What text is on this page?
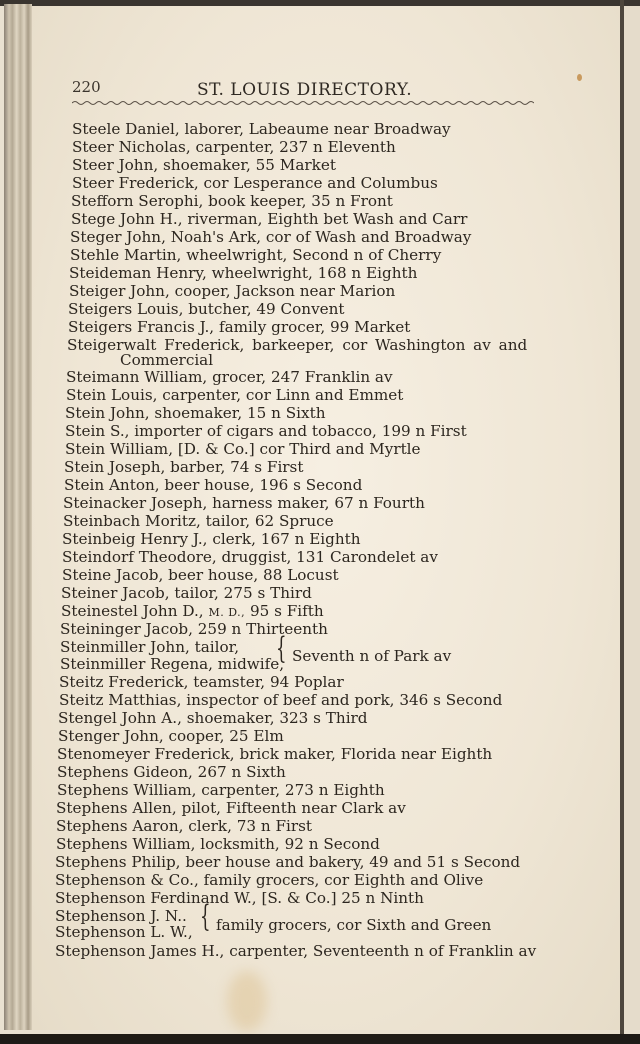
220	ST. LOUIS DIRECTORY.
Steele Daniel, laborer, Labeaume near Broadway
Steer Nicholas, carpenter, 237 n Eleventh
Steer John, shoemaker, 55 Market
Steer Frederick, cor Lesperance and Columbus
Stefforn Serophi, book keeper, 35 n Front
Stege John H., riverman, Eighth bet Wash and Carr
Steger John, Noah's Ark, cor of Wash and Broadway
Stehle Martin, wheelwright, Second n of Cherry
Steideman Henry, wheelwright, 168 n Eighth
Steiger John, cooper, Jackson near Marion
Steigers Louis, butcher, 49 Convent
Steigers Francis J., family grocer, 99 Market
Steigerwalt Frederick, barkeeper, cor Washington av and
Commercial
Steimann William, grocer, 247 Franklin av
Stein Louis, carpenter, cor Linn and Emmet
Stein John, shoemaker, 15 n Sixth
Stein S., importer of cigars and tobacco, 199 n First
Stein William, [D. & Co.] cor Third and Myrtle
Stein Joseph, barber, 74 s First
Stein Anton, beer house, 196 s Second
Steinacker Joseph, harness maker, 67 n Fourth
Steinbach Moritz, tailor, 62 Spruce
Steinbeig Henry J., clerk, 167 n Eighth
Steindorf Theodore, druggist, 131 Carondelet av
Steine Jacob, beer house, 88 Locust
Steiner Jacob, tailor, 275 s Third
Steinestel John D., M. D., 95 s Fifth
Steininger Jacob, 259 n Thirteenth
Steinmiller John, tailor,
Steinmiller Regena, midwife,
{ Seventh n of Park av
Steitz Frederick, teamster, 94 Poplar
Steitz Matthias, inspector of beef and pork, 346 s Second
Stengel John A., shoemaker, 323 s Third
Stenger John, cooper, 25 Elm
Stenomeyer Frederick, brick maker, Florida near Eighth
Stephens Gideon, 267 n Sixth
Stephens William, carpenter, 273 n Eighth
Stephens Allen, pilot, Fifteenth near Clark av
Stephens Aaron, clerk, 73 n First
Stephens William, locksmith, 92 n Second
Stephens Philip, beer house and bakery, 49 and 51 s Second
Stephenson & Co., family grocers, cor Eighth and Olive
Stephenson Ferdinand W., [S. & Co.] 25 n Ninth
Stephenson J. N..
Stephenson L. W., { family grocers, cor Sixth and Green
Stephenson James H., carpenter, Seventeenth n of Franklin av
